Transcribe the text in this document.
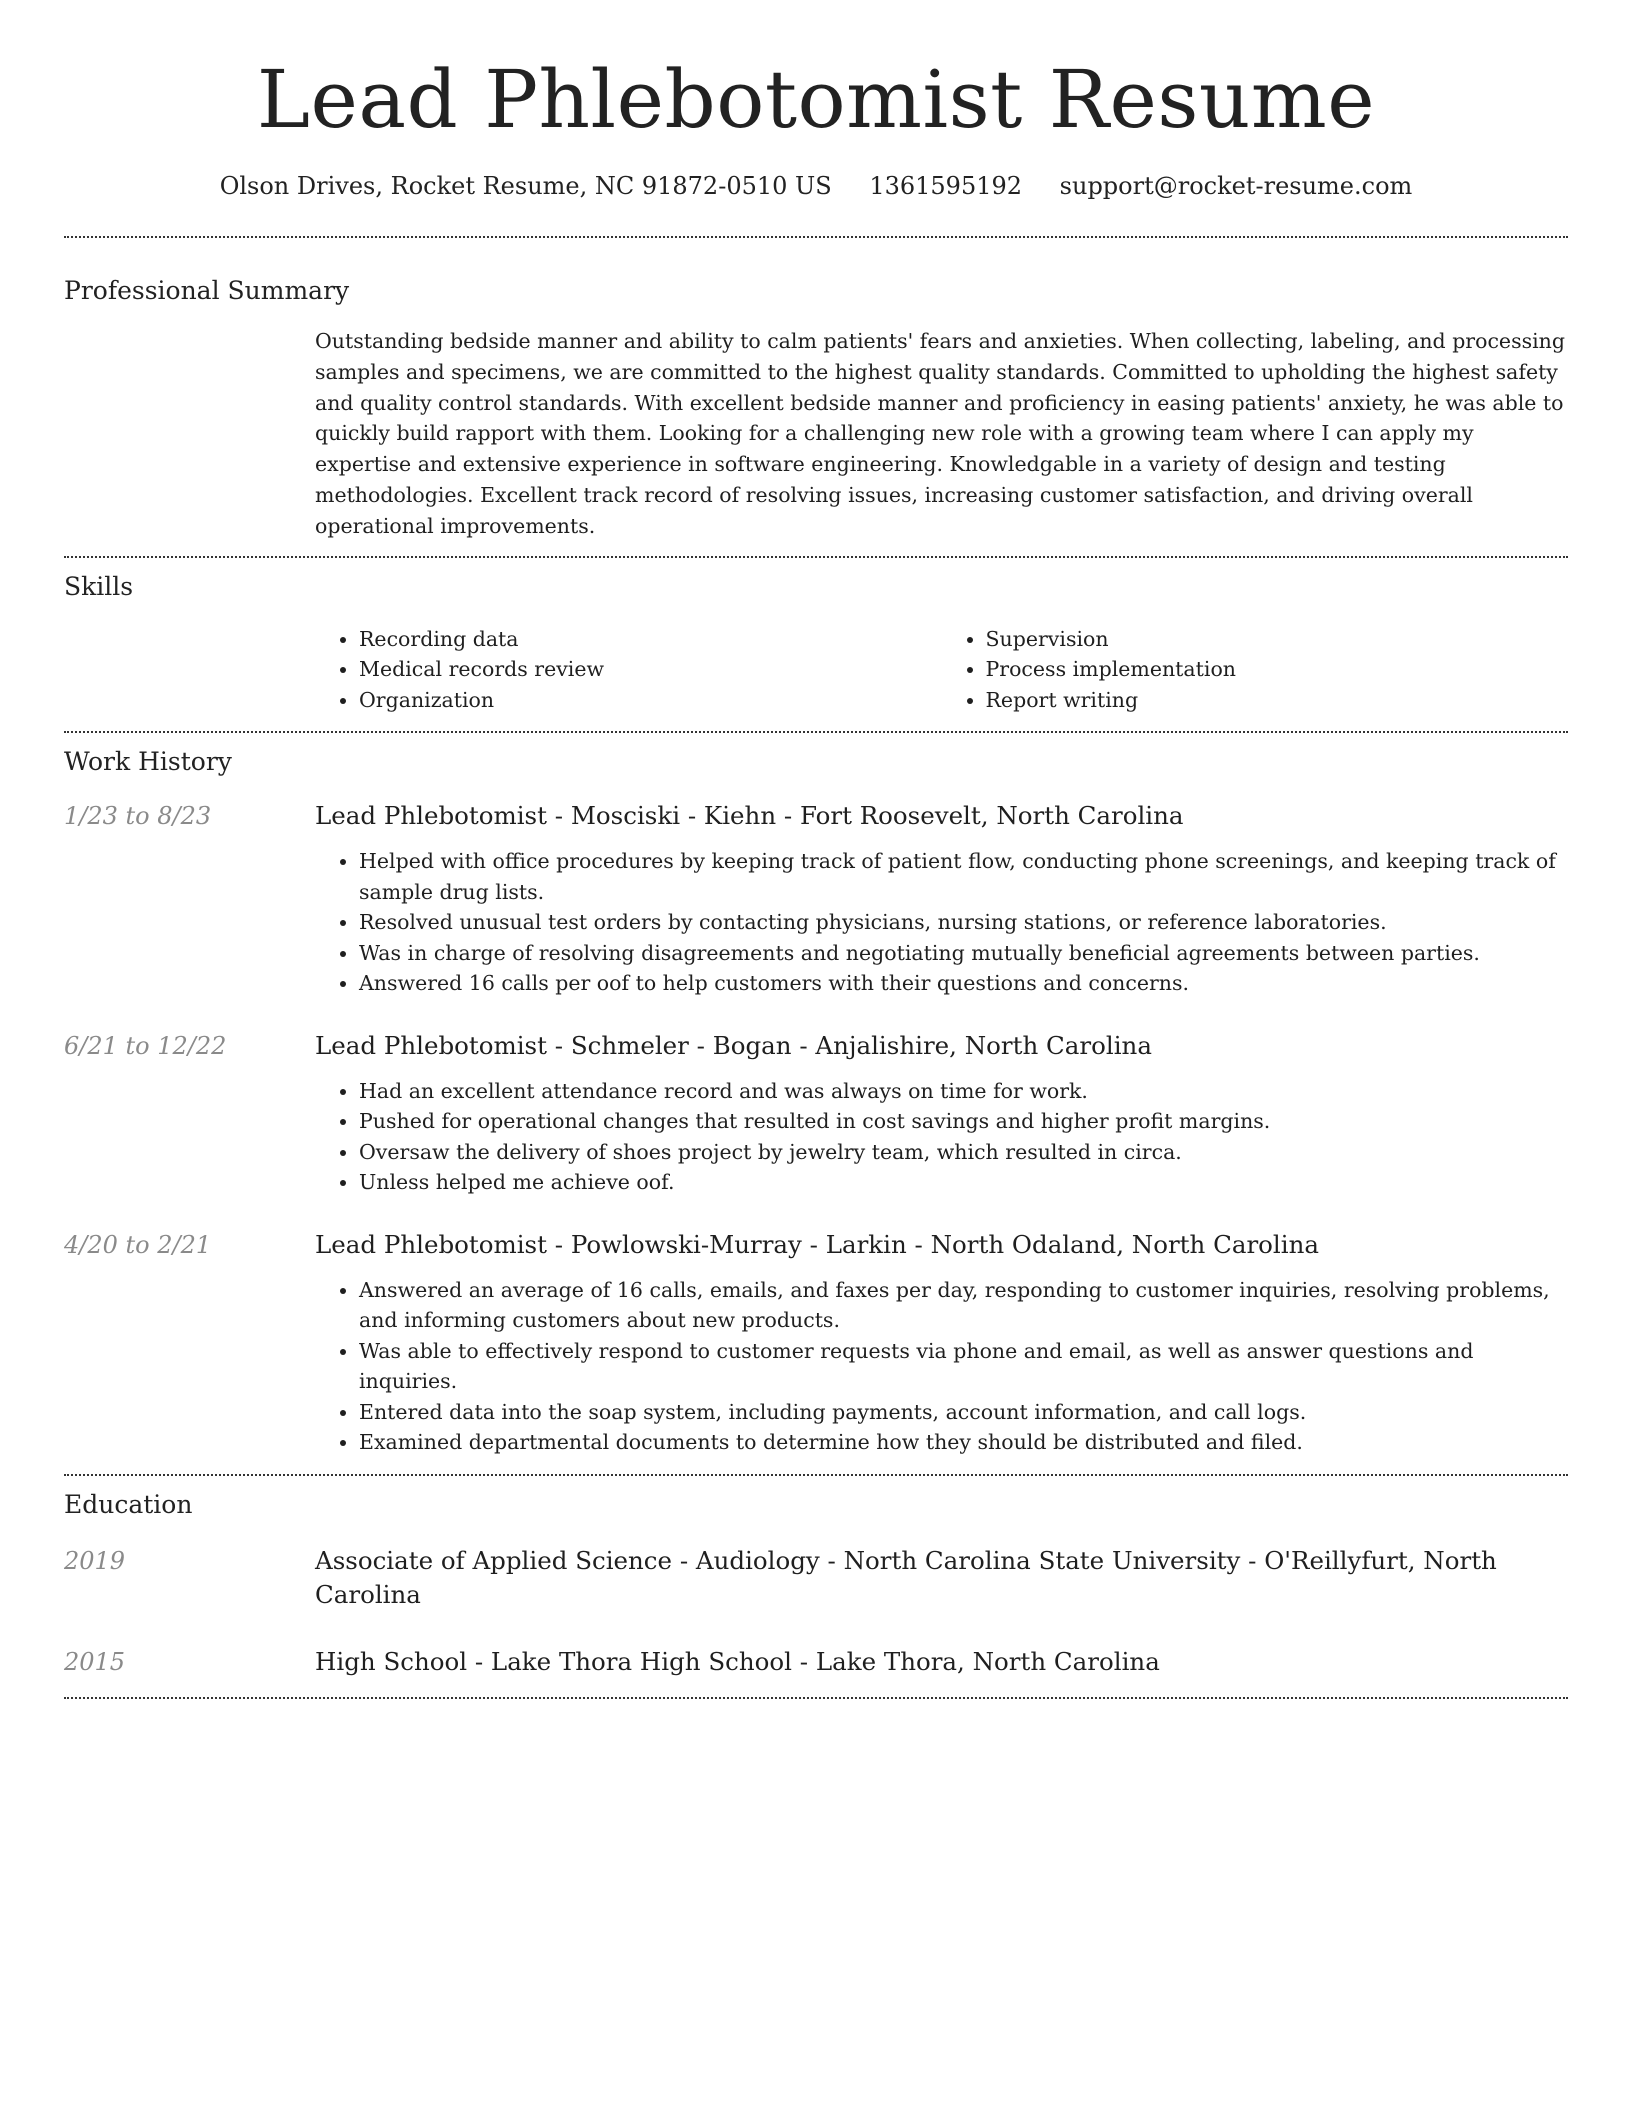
Lead Phlebotomist Resume
Olson Drives, Rocket Resume, NC 91872-0510 US 1361595192 support@rocket-resume.com
Professional Summary

Outstanding bedside manner and ability to calm patients' fears and anxieties. When collecting, labeling, and processing samples and specimens, we are committed to the highest quality standards. Committed to upholding the highest safety and quality control standards. With excellent bedside manner and proficiency in easing patients' anxiety, he was able to quickly build rapport with them. Looking for a challenging new role with a growing team where I can apply my expertise and extensive experience in software engineering. Knowledgable in a variety of design and testing methodologies. Excellent track record of resolving issues, increasing customer satisfaction, and driving overall operational improvements.

Skills
• Recording data
• Medical records review
• Organization
• Supervision
• Process implementation
• Report writing
Work History
1/23 to 8/23	Lead Phlebotomist - Mosciski - Kiehn - Fort Roosevelt, North Carolina
• Helped with office procedures by keeping track of patient flow, conducting phone screenings, and keeping track of sample drug lists.
• Resolved unusual test orders by contacting physicians, nursing stations, or reference laboratories.
• Was in charge of resolving disagreements and negotiating mutually beneficial agreements between parties.
• Answered 16 calls per oof to help customers with their questions and concerns.
6/21 to 12/22	Lead Phlebotomist - Schmeler - Bogan - Anjalishire, North Carolina
• Had an excellent attendance record and was always on time for work.
• Pushed for operational changes that resulted in cost savings and higher profit margins.
• Oversaw the delivery of shoes project by jewelry team, which resulted in circa.
• Unless helped me achieve oof.
4/20 to 2/21	Lead Phlebotomist - Powlowski-Murray - Larkin - North Odaland, North Carolina
• Answered an average of 16 calls, emails, and faxes per day, responding to customer inquiries, resolving problems, and informing customers about new products.
• Was able to effectively respond to customer requests via phone and email, as well as answer questions and inquiries.
• Entered data into the soap system, including payments, account information, and call logs.
• Examined departmental documents to determine how they should be distributed and filed.
Education
2019	Associate of Applied Science - Audiology - North Carolina State University - O'Reillyfurt, North Carolina
2015	High School - Lake Thora High School - Lake Thora, North Carolina
